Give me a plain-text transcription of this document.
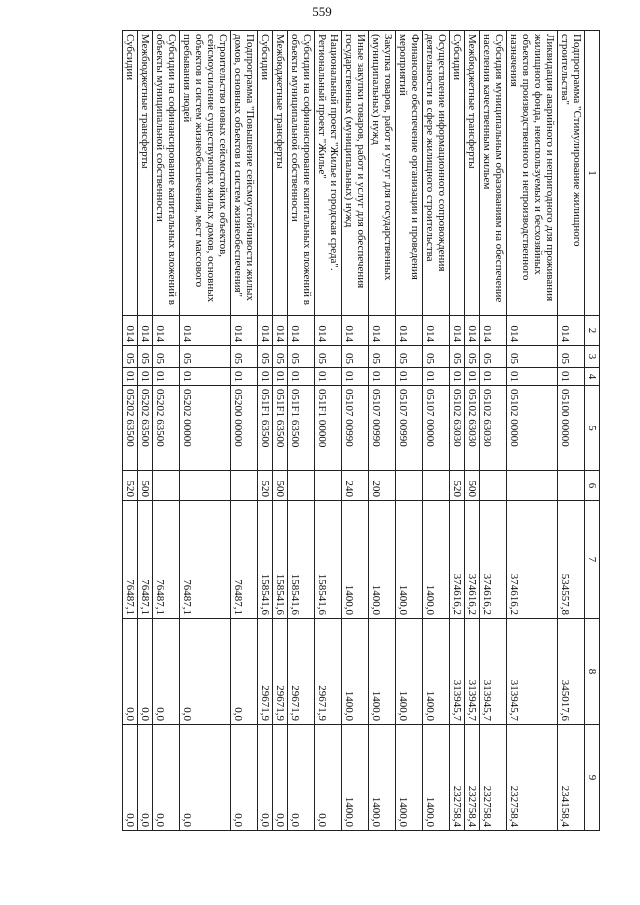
559
1	2	3	4	5	6	7	8	9
Подпрограмма "Стимулирование жилищного строительства"	014	05	01	05100 00000		534557,8	345017,6	234158,4
Ликвидация аварийного и непригодного для проживания жилищного фонда, неиспользуемых и бесхозяйных объектов производственного и непроизводственного назначения	014	05	01	05102 00000		374616,2	313945,7	232758,4
Субсидия муниципальным образованиям на обеспечение населения качественным жильем	014	05	01	05102 63030		374616,2	313945,7	232758,4
Межбюджетные трансферты	014	05	01	05102 63030	500	374616,2	313945,7	232758,4
Субсидии	014	05	01	05102 63030	520	374616,2	313945,7	232758,4
Осуществление информационного сопровождения деятельности в сфере жилищного строительства	014	05	01	05107 00000		1400,0	1400,0	1400,0
Финансовое обеспечение организации и проведения мероприятий	014	05	01	05107 00990		1400,0	1400,0	1400,0
Закупка товаров, работ и услуг для государственных (муниципальных) нужд	014	05	01	05107 00990	200	1400,0	1400,0	1400,0
Иные закупки товаров, работ и услуг для обеспечения государственных (муниципальных) нужд	014	05	01	05107 00990	240	1400,0	1400,0	1400,0
Национальный проект "Жилье и городская среда". Региональный проект "Жилье"	014	05	01	051F1 00000		158541,6	29671,9	0,0
Субсидии на софинансирование капитальных вложений в объекты муниципальной собственности	014	05	01	051F1 63500		158541,6	29671,9	0,0
Межбюджетные трансферты	014	05	01	051F1 63500	500	158541,6	29671,9	0,0
Субсидии	014	05	01	051F1 63500	520	158541,6	29671,9	0,0
Подпрограмма "Повышение сейсмоустойчивости жилых домов, основных объектов и систем жизнеобеспечения"	014	05	01	05200 00000		76487,1	0,0	0,0
Строительство новых сейсмостойких объектов, сейсмоусиление существующих жилых домов, основных объектов и систем жизнеобеспечения, мест массового пребывания людей	014	05	01	05202 00000		76487,1	0,0	0,0
Субсидии на софинансирование капитальных вложений в объекты муниципальной собственности	014	05	01	05202 63500		76487,1	0,0	0,0
Межбюджетные трансферты	014	05	01	05202 63500	500	76487,1	0,0	0,0
Субсидии	014	05	01	05202 63500	520	76487,1	0,0	0,0
